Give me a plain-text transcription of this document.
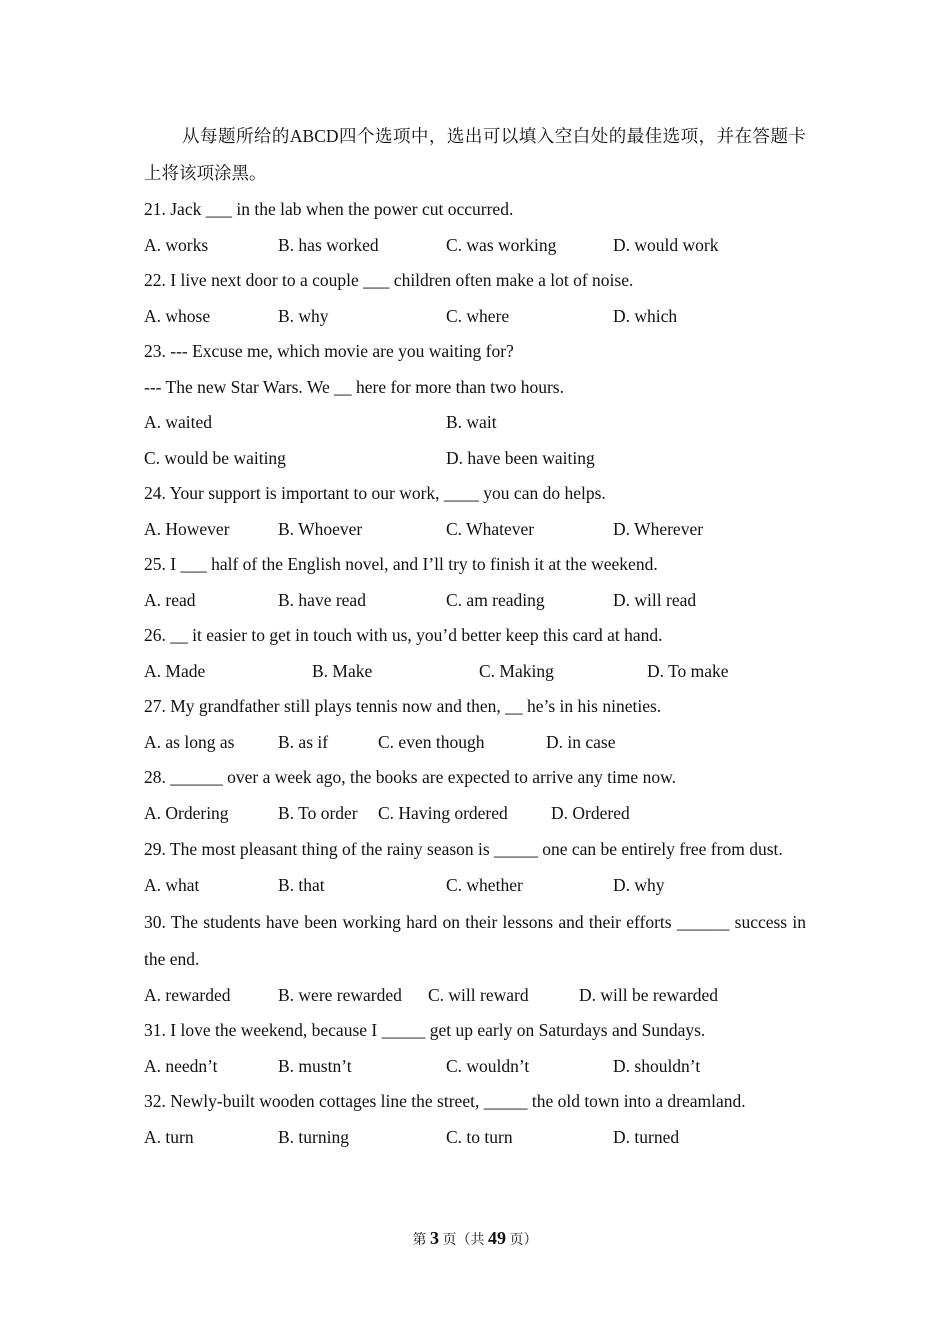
从每题所给的ABCD四个选项中，选出可以填入空白处的最佳选项，并在答题卡上将该项涂黑。

21. Jack ___ in the lab when the power cut occurred.
A. works	B. has worked	C. was working	D. would work
22. I live next door to a couple ___ children often make a lot of noise.
A. whose	B. why	C. where	D. which
23. --- Excuse me, which movie are you waiting for?
--- The new Star Wars. We __ here for more than two hours.
A. waited	B. wait
C. would be waiting	D. have been waiting
24. Your support is important to our work, ____ you can do helps.
A. However	B. Whoever	C. Whatever	D. Wherever
25. I ___ half of the English novel, and I’ll try to finish it at the weekend.
A. read	B. have read	C. am reading	D. will read
26. __ it easier to get in touch with us, you’d better keep this card at hand.
A. Made	B. Make	C. Making	D. To make
27. My grandfather still plays tennis now and then, __ he’s in his nineties.
A. as long as B. as if	C. even though	D. in case
28. ______ over a week ago, the books are expected to arrive any time now.
A. Ordering	B. To order C. Having ordered D. Ordered
29. The most pleasant thing of the rainy season is _____ one can be entirely free from dust.
A. what	B. that	C. whether	D. why
30. The students have been working hard on their lessons and their efforts ______ success in the end.
A. rewarded	B. were rewarded C. will reward	D. will be rewarded
31. I love the weekend, because I _____ get up early on Saturdays and Sundays.
A. needn’t	B. mustn’t	C. wouldn’t	D. shouldn’t
32. Newly-built wooden cottages line the street, _____ the old town into a dreamland.
A. turn	B. turning	C. to turn	D. turned
第 3 页（共 49 页）
